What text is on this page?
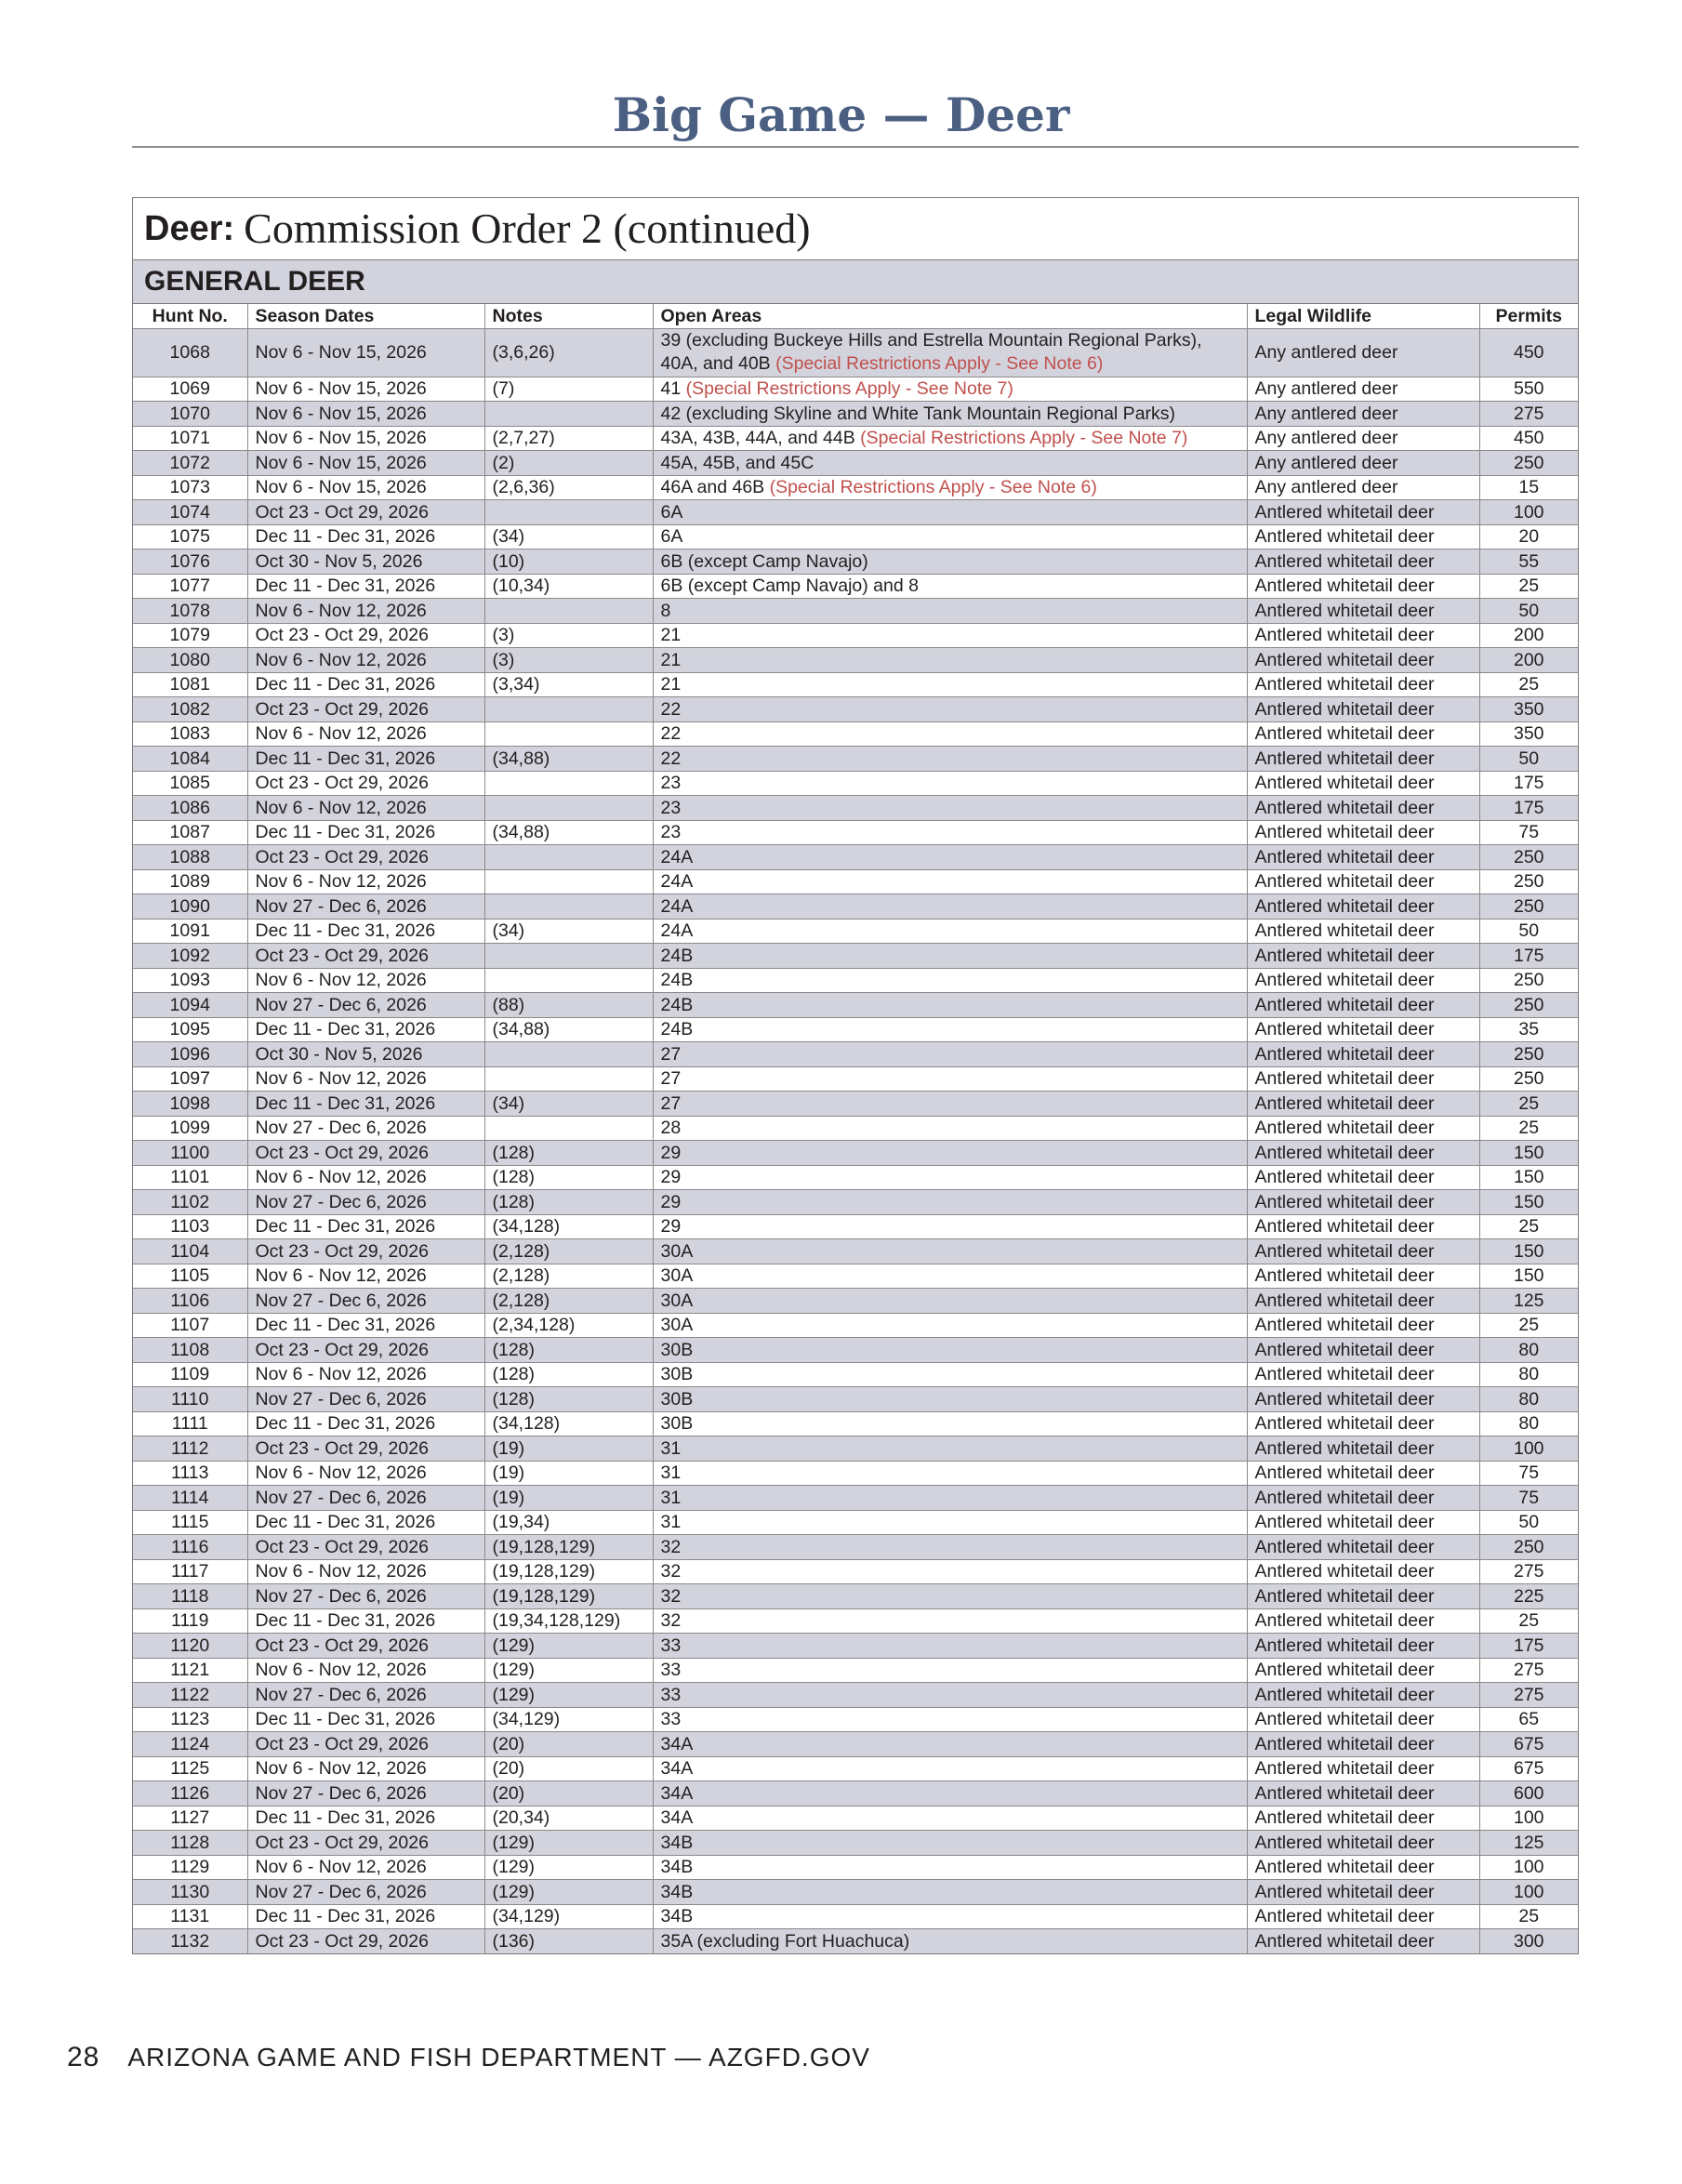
Big Game — Deer
Deer: Commission Order 2 (continued)
GENERAL DEER
Hunt No.	Season Dates	Notes	Open Areas	Legal Wildlife	Permits
1068	Nov 6 - Nov 15, 2026	(3,6,26)	39 (excluding Buckeye Hills and Estrella Mountain Regional Parks), 40A, and 40B (Special Restrictions Apply - See Note 6)	Any antlered deer	450
1069	Nov 6 - Nov 15, 2026	(7)	41 (Special Restrictions Apply - See Note 7)	Any antlered deer	550
1070	Nov 6 - Nov 15, 2026		42 (excluding Skyline and White Tank Mountain Regional Parks)	Any antlered deer	275
1071	Nov 6 - Nov 15, 2026	(2,7,27)	43A, 43B, 44A, and 44B (Special Restrictions Apply - See Note 7)	Any antlered deer	450
1072	Nov 6 - Nov 15, 2026	(2)	45A, 45B, and 45C	Any antlered deer	250
1073	Nov 6 - Nov 15, 2026	(2,6,36)	46A and 46B (Special Restrictions Apply - See Note 6)	Any antlered deer	15
1074	Oct 23 - Oct 29, 2026		6A	Antlered whitetail deer	100
1075	Dec 11 - Dec 31, 2026	(34)	6A	Antlered whitetail deer	20
1076	Oct 30 - Nov 5, 2026	(10)	6B (except Camp Navajo)	Antlered whitetail deer	55
1077	Dec 11 - Dec 31, 2026	(10,34)	6B (except Camp Navajo) and 8	Antlered whitetail deer	25
1078	Nov 6 - Nov 12, 2026		8	Antlered whitetail deer	50
1079	Oct 23 - Oct 29, 2026	(3)	21	Antlered whitetail deer	200
1080	Nov 6 - Nov 12, 2026	(3)	21	Antlered whitetail deer	200
1081	Dec 11 - Dec 31, 2026	(3,34)	21	Antlered whitetail deer	25
1082	Oct 23 - Oct 29, 2026		22	Antlered whitetail deer	350
1083	Nov 6 - Nov 12, 2026		22	Antlered whitetail deer	350
1084	Dec 11 - Dec 31, 2026	(34,88)	22	Antlered whitetail deer	50
1085	Oct 23 - Oct 29, 2026		23	Antlered whitetail deer	175
1086	Nov 6 - Nov 12, 2026		23	Antlered whitetail deer	175
1087	Dec 11 - Dec 31, 2026	(34,88)	23	Antlered whitetail deer	75
1088	Oct 23 - Oct 29, 2026		24A	Antlered whitetail deer	250
1089	Nov 6 - Nov 12, 2026		24A	Antlered whitetail deer	250
1090	Nov 27 - Dec 6, 2026		24A	Antlered whitetail deer	250
1091	Dec 11 - Dec 31, 2026	(34)	24A	Antlered whitetail deer	50
1092	Oct 23 - Oct 29, 2026		24B	Antlered whitetail deer	175
1093	Nov 6 - Nov 12, 2026		24B	Antlered whitetail deer	250
1094	Nov 27 - Dec 6, 2026	(88)	24B	Antlered whitetail deer	250
1095	Dec 11 - Dec 31, 2026	(34,88)	24B	Antlered whitetail deer	35
1096	Oct 30 - Nov 5, 2026		27	Antlered whitetail deer	250
1097	Nov 6 - Nov 12, 2026		27	Antlered whitetail deer	250
1098	Dec 11 - Dec 31, 2026	(34)	27	Antlered whitetail deer	25
1099	Nov 27 - Dec 6, 2026		28	Antlered whitetail deer	25
1100	Oct 23 - Oct 29, 2026	(128)	29	Antlered whitetail deer	150
1101	Nov 6 - Nov 12, 2026	(128)	29	Antlered whitetail deer	150
1102	Nov 27 - Dec 6, 2026	(128)	29	Antlered whitetail deer	150
1103	Dec 11 - Dec 31, 2026	(34,128)	29	Antlered whitetail deer	25
1104	Oct 23 - Oct 29, 2026	(2,128)	30A	Antlered whitetail deer	150
1105	Nov 6 - Nov 12, 2026	(2,128)	30A	Antlered whitetail deer	150
1106	Nov 27 - Dec 6, 2026	(2,128)	30A	Antlered whitetail deer	125
1107	Dec 11 - Dec 31, 2026	(2,34,128)	30A	Antlered whitetail deer	25
1108	Oct 23 - Oct 29, 2026	(128)	30B	Antlered whitetail deer	80
1109	Nov 6 - Nov 12, 2026	(128)	30B	Antlered whitetail deer	80
1110	Nov 27 - Dec 6, 2026	(128)	30B	Antlered whitetail deer	80
1111	Dec 11 - Dec 31, 2026	(34,128)	30B	Antlered whitetail deer	80
1112	Oct 23 - Oct 29, 2026	(19)	31	Antlered whitetail deer	100
1113	Nov 6 - Nov 12, 2026	(19)	31	Antlered whitetail deer	75
1114	Nov 27 - Dec 6, 2026	(19)	31	Antlered whitetail deer	75
1115	Dec 11 - Dec 31, 2026	(19,34)	31	Antlered whitetail deer	50
1116	Oct 23 - Oct 29, 2026	(19,128,129)	32	Antlered whitetail deer	250
1117	Nov 6 - Nov 12, 2026	(19,128,129)	32	Antlered whitetail deer	275
1118	Nov 27 - Dec 6, 2026	(19,128,129)	32	Antlered whitetail deer	225
1119	Dec 11 - Dec 31, 2026	(19,34,128,129)	32	Antlered whitetail deer	25
1120	Oct 23 - Oct 29, 2026	(129)	33	Antlered whitetail deer	175
1121	Nov 6 - Nov 12, 2026	(129)	33	Antlered whitetail deer	275
1122	Nov 27 - Dec 6, 2026	(129)	33	Antlered whitetail deer	275
1123	Dec 11 - Dec 31, 2026	(34,129)	33	Antlered whitetail deer	65
1124	Oct 23 - Oct 29, 2026	(20)	34A	Antlered whitetail deer	675
1125	Nov 6 - Nov 12, 2026	(20)	34A	Antlered whitetail deer	675
1126	Nov 27 - Dec 6, 2026	(20)	34A	Antlered whitetail deer	600
1127	Dec 11 - Dec 31, 2026	(20,34)	34A	Antlered whitetail deer	100
1128	Oct 23 - Oct 29, 2026	(129)	34B	Antlered whitetail deer	125
1129	Nov 6 - Nov 12, 2026	(129)	34B	Antlered whitetail deer	100
1130	Nov 27 - Dec 6, 2026	(129)	34B	Antlered whitetail deer	100
1131	Dec 11 - Dec 31, 2026	(34,129)	34B	Antlered whitetail deer	25
1132	Oct 23 - Oct 29, 2026	(136)	35A (excluding Fort Huachuca)	Antlered whitetail deer	300
28 ARIZONA GAME AND FISH DEPARTMENT — AZGFD.GOV
